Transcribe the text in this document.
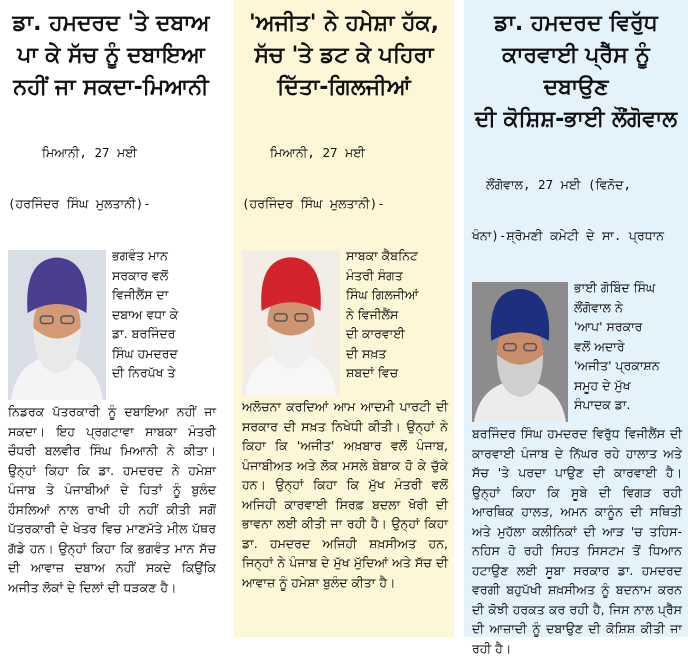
ਡਾ. ਹਮਦਰਦ 'ਤੇ ਦਬਾਅ
ਪਾ ਕੇ ਸੱਚ ਨੂੰ ਦਬਾਇਆ
ਨਹੀਂ ਜਾ ਸਕਦਾ-ਮਿਆਨੀ

ਮਿਆਨੀ, 27 ਮਈ

(ਹਰਜਿੰਦਰ ਸਿੰਘ ਮੁਲਤਾਨੀ)-

ਭਗਵੰਤ ਮਾਨ
ਸਰਕਾਰ ਵਲੋਂ
ਵਿਜੀਲੈਂਸ ਦਾ
ਦਬਾਅ ਵਧਾ ਕੇ
ਡਾ. ਬਰਜਿੰਦਰ
ਸਿੰਘ ਹਮਦਰਦ
ਦੀ ਨਿਰਪੱਖ ਤੇ
ਨਿਡਰਕ ਪੱਤਰਕਾਰੀ ਨੂੰ ਦਬਾਇਆ ਨਹੀਂ ਜਾ ਸਕਦਾ। ਇਹ ਪ੍ਰਗਟਾਵਾ ਸਾਬਕਾ ਮੰਤਰੀ ਚੌਧਰੀ ਬਲਵੀਰ ਸਿੰਘ ਮਿਆਨੀ ਨੇ ਕੀਤਾ। ਉਨ੍ਹਾਂ ਕਿਹਾ ਕਿ ਡਾ. ਹਮਦਰਦ ਨੇ ਹਮੇਸ਼ਾ ਪੰਜਾਬ ਤੇ ਪੰਜਾਬੀਆਂ ਦੇ ਹਿਤਾਂ ਨੂੰ ਬੁਲੰਦ ਹੌਸਲਿਆਂ ਨਾਲ ਰਾਖੀ ਹੀ ਨਹੀਂ ਕੀਤੀ ਸਗੋਂ ਪੱਤਰਕਾਰੀ ਦੇ ਖੇਤਰ ਵਿਚ ਮਾਣਮੱਤੇ ਮੀਲ ਪੱਥਰ ਗੱਡੇ ਹਨ। ਉਨ੍ਹਾਂ ਕਿਹਾ ਕਿ ਭਗਵੰਤ ਮਾਨ ਸੱਚ ਦੀ ਆਵਾਜ਼ ਦਬਾਅ ਨਹੀਂ ਸਕਦੇ ਕਿਉਂਕਿ ਅਜੀਤ ਲੋਕਾਂ ਦੇ ਦਿਲਾਂ ਦੀ ਧੜਕਣ ਹੈ।
'ਅਜੀਤ' ਨੇ ਹਮੇਸ਼ਾ ਹੱਕ,
ਸੱਚ 'ਤੇ ਡਟ ਕੇ ਪਹਿਰਾ
ਦਿੱਤਾ-ਗਿਲਜੀਆਂ

ਮਿਆਨੀ, 27 ਮਈ

(ਹਰਜਿੰਦਰ ਸਿੰਘ ਮੁਲਤਾਨੀ)-

ਸਾਬਕਾ ਕੈਬਨਿਟ
ਮੰਤਰੀ ਸੰਗਤ
ਸਿੰਘ ਗਿਲਜੀਆਂ
ਨੇ ਵਿਜੀਲੈਂਸ
ਦੀ ਕਾਰਵਾਈ
ਦੀ ਸਖ਼ਤ
ਸ਼ਬਦਾਂ ਵਿਚ
ਅਲੋਚਨਾ ਕਰਦਿਆਂ ਆਮ ਆਦਮੀ ਪਾਰਟੀ ਦੀ ਸਰਕਾਰ ਦੀ ਸਖ਼ਤ ਨਿਖੇਧੀ ਕੀਤੀ। ਉਨ੍ਹਾਂ ਨੇ ਕਿਹਾ ਕਿ 'ਅਜੀਤ' ਅਖ਼ਬਾਰ ਵਲੋਂ ਪੰਜਾਬ, ਪੰਜਾਬੀਅਤ ਅਤੇ ਲੋਕ ਮਸਲੇ ਬੇਬਾਕ ਹੋ ਕੇ ਚੁੱਕੇ ਹਨ। ਉਨ੍ਹਾਂ ਕਿਹਾ ਕਿ ਮੁੱਖ ਮੰਤਰੀ ਵਲੋਂ ਅਜਿਹੀ ਕਾਰਵਾਈ ਸਿਰਫ਼ ਬਦਲਾ ਖੋਰੀ ਦੀ ਭਾਵਨਾ ਲਈ ਕੀਤੀ ਜਾ ਰਹੀ ਹੈ। ਉਨ੍ਹਾਂ ਕਿਹਾ ਡਾ. ਹਮਦਰਦ ਅਜਿਹੀ ਸ਼ਖ਼ਸੀਅਤ ਹਨ, ਜਿਨ੍ਹਾਂ ਨੇ ਪੰਜਾਬ ਦੇ ਮੁੱਖ ਮੁੱਦਿਆਂ ਅਤੇ ਸੱਚ ਦੀ ਆਵਾਜ਼ ਨੂੰ ਹਮੇਸ਼ਾ ਬੁਲੰਦ ਕੀਤਾ ਹੈ।
ਡਾ. ਹਮਦਰਦ ਵਿਰੁੱਧ
ਕਾਰਵਾਈ ਪ੍ਰੈੱਸ ਨੂੰ ਦਬਾਉਣ
ਦੀ ਕੋਸ਼ਿਸ਼-ਭਾਈ ਲੌਂਗੋਵਾਲ

ਲੌਂਗੋਵਾਲ, 27 ਮਈ (ਵਿਨੋਦ,

ਖੰਨਾ)-ਸ਼੍ਰੋਮਣੀ ਕਮੇਟੀ ਦੇ ਸਾ. ਪ੍ਰਧਾਨ

ਭਾਈ ਗੋਬਿੰਦ ਸਿੰਘ
ਲੌਂਗੋਵਾਲ ਨੇ
'ਆਪ' ਸਰਕਾਰ
ਵਲੋਂ ਅਦਾਰੇ
'ਅਜੀਤ' ਪ੍ਰਕਾਸ਼ਨ
ਸਮੂਹ ਦੇ ਮੁੱਖ
ਸੰਪਾਦਕ ਡਾ.
ਬਰਜਿੰਦਰ ਸਿੰਘ ਹਮਦਰਦ ਵਿਰੁੱਧ ਵਿਜੀਲੈਂਸ ਦੀ ਕਾਰਵਾਈ ਪੰਜਾਬ ਦੇ ਨਿੱਘਰ ਰਹੇ ਹਾਲਾਤ ਅਤੇ ਸੱਚ 'ਤੇ ਪਰਦਾ ਪਾਉਣ ਦੀ ਕਾਰਵਾਈ ਹੈ। ਉਨ੍ਹਾਂ ਕਿਹਾ ਕਿ ਸੂਬੇ ਦੀ ਵਿਗੜ ਰਹੀ ਆਰਥਿਕ ਹਾਲਤ, ਅਮਨ ਕਾਨੂੰਨ ਦੀ ਸਥਿਤੀ ਅਤੇ ਮੁਹੱਲਾ ਕਲੀਨਿਕਾਂ ਦੀ ਆੜ 'ਚ ਤਹਿਸ-ਨਹਿਸ ਹੋ ਰਹੀ ਸਿਹਤ ਸਿਸਟਮ ਤੋਂ ਧਿਆਨ ਹਟਾਉਣ ਲਈ ਸੂਬਾ ਸਰਕਾਰ ਡਾ. ਹਮਦਰਦ ਵਰਗੀ ਬਹੁਪੱਖੀ ਸ਼ਖ਼ਸੀਅਤ ਨੂੰ ਬਦਨਾਮ ਕਰਨ ਦੀ ਕੋਝੀ ਹਰਕਤ ਕਰ ਰਹੀ ਹੈ, ਜਿਸ ਨਾਲ ਪ੍ਰੈੱਸ ਦੀ ਆਜ਼ਾਦੀ ਨੂੰ ਦਬਾਉਣ ਦੀ ਕੋਸ਼ਿਸ਼ ਕੀਤੀ ਜਾ ਰਹੀ ਹੈ।
